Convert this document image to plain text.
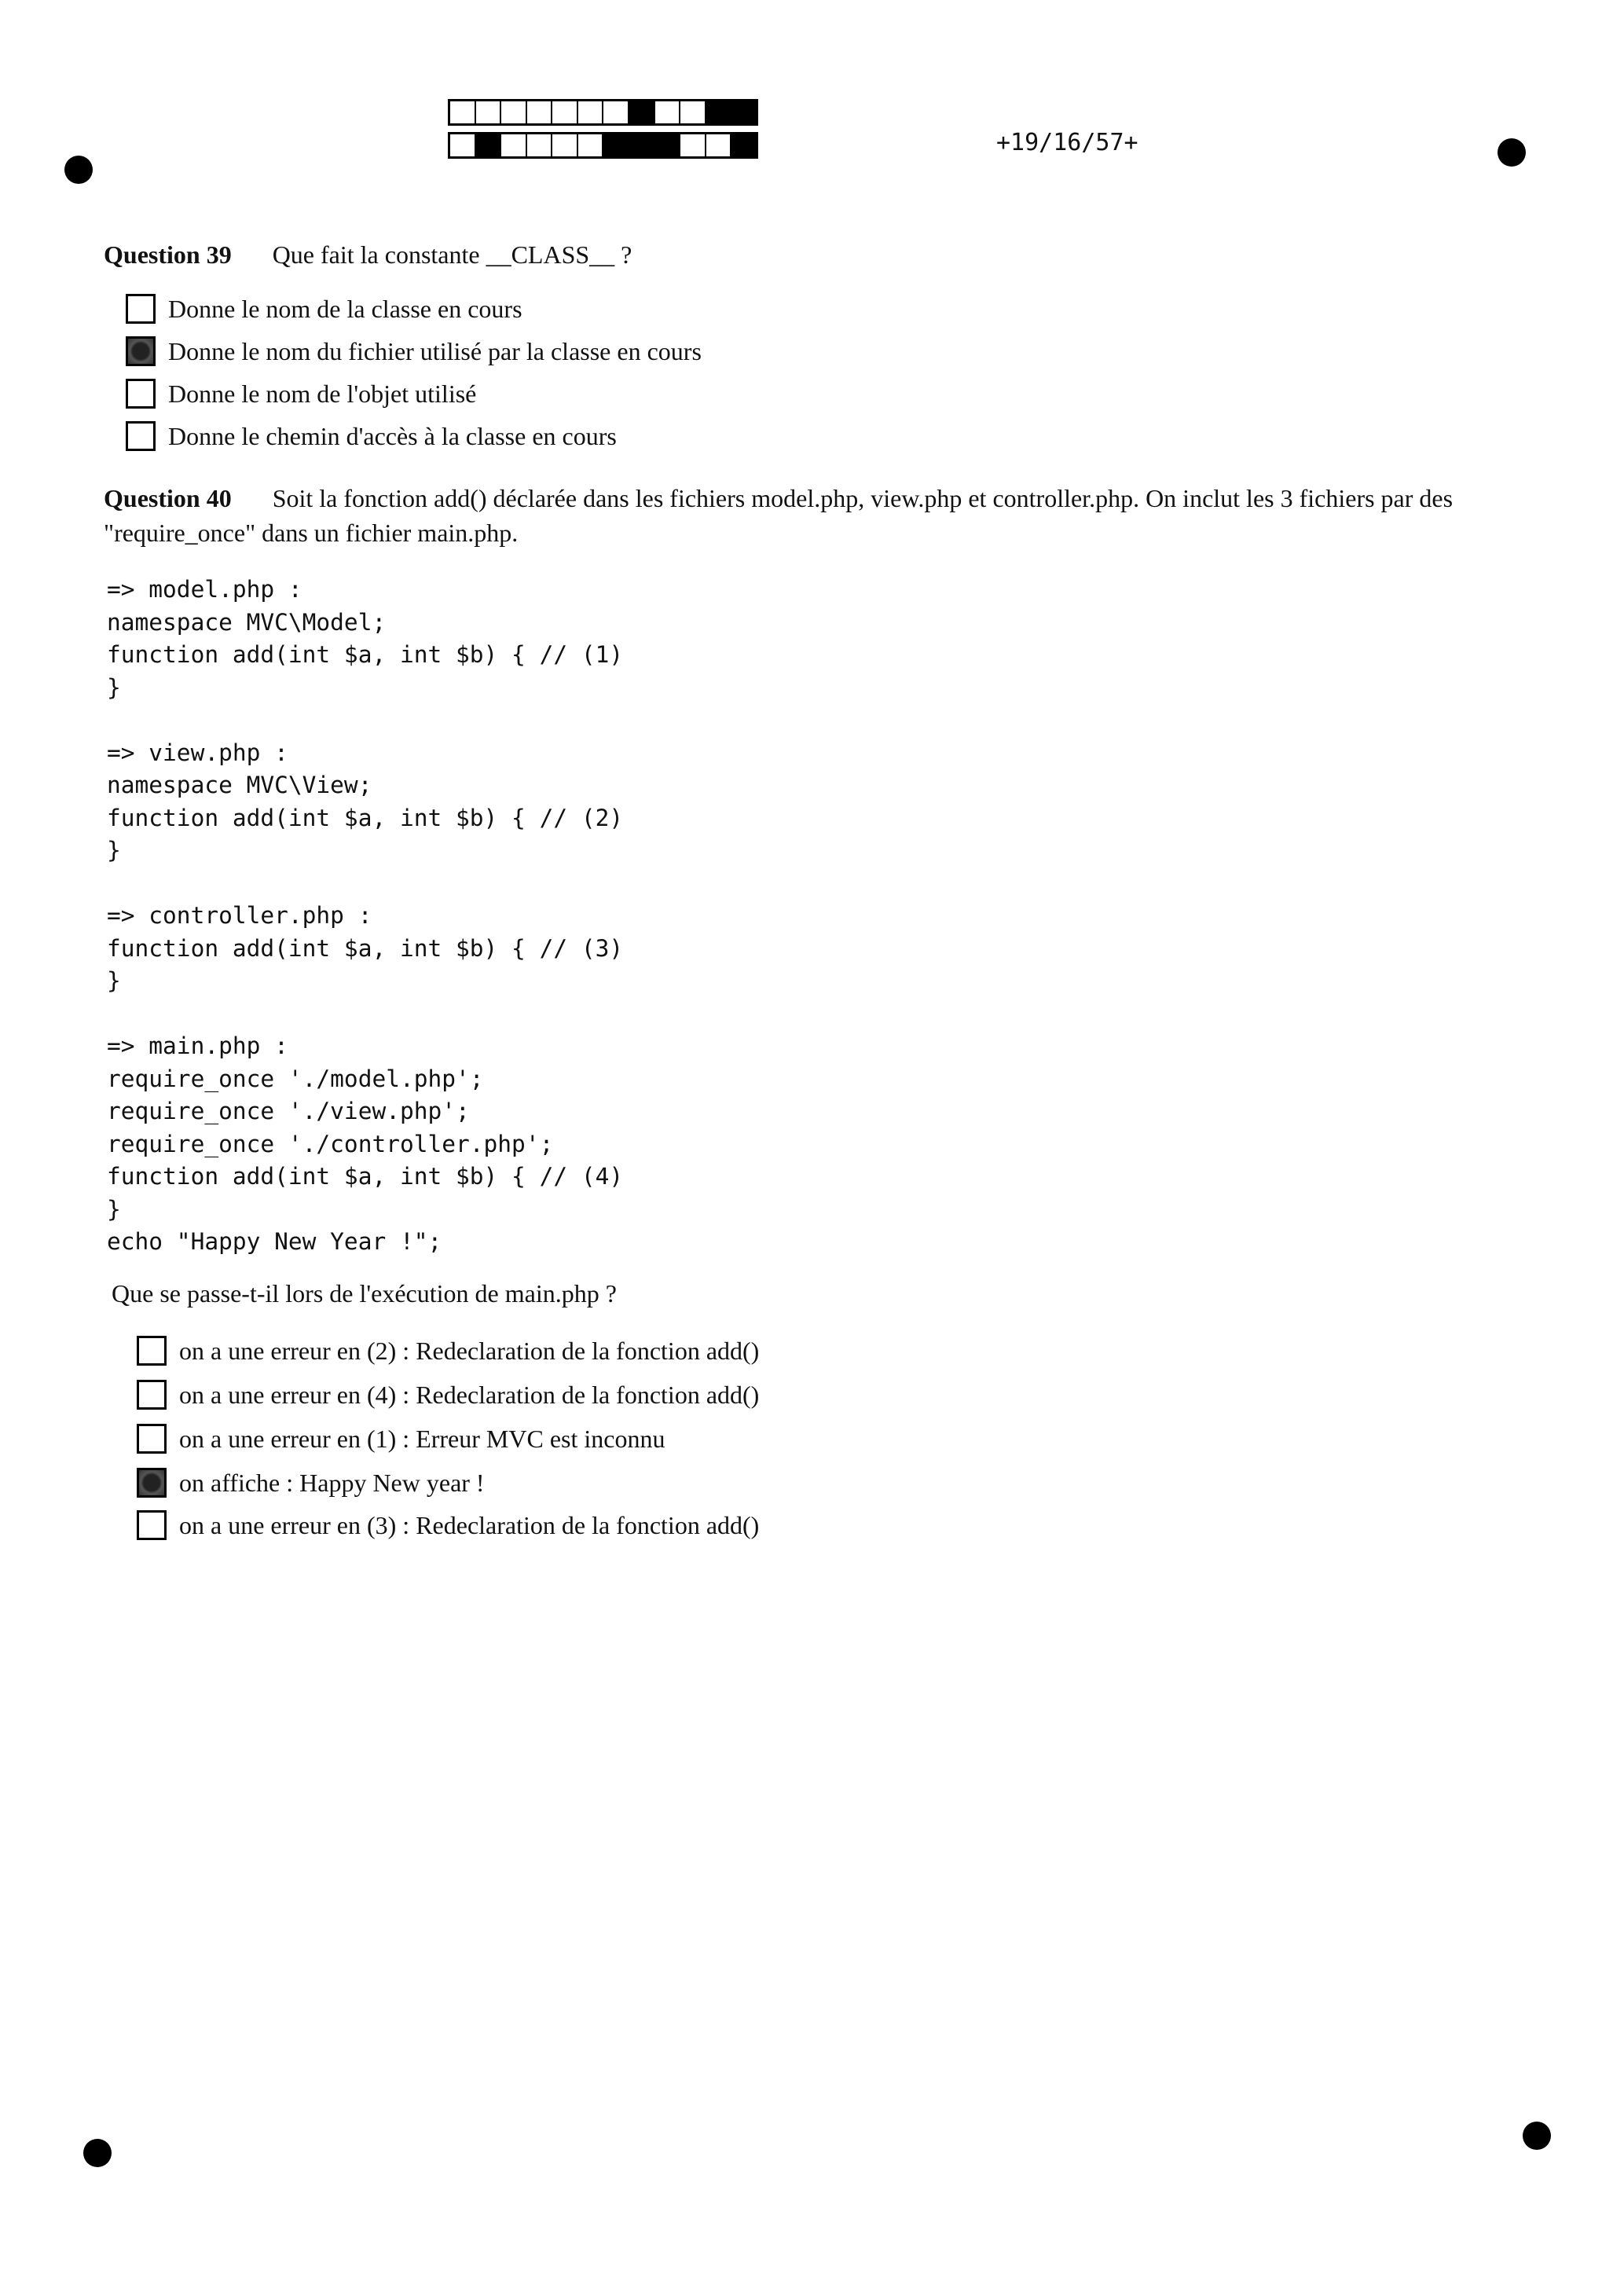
+19/16/57+
Question 39 Que fait la constante __CLASS__ ?
Donne le nom de la classe en cours
Donne le nom du fichier utilisé par la classe en cours
Donne le nom de l'objet utilisé
Donne le chemin d'accès à la classe en cours
Question 40 Soit la fonction add() déclarée dans les fichiers model.php, view.php et controller.php. On inclut les 3 fichiers par des "require_once" dans un fichier main.php.
=> model.php :
namespace MVC\Model;
function add(int $a, int $b) { // (1)
}

=> view.php :
namespace MVC\View;
function add(int $a, int $b) { // (2)
}

=> controller.php :
function add(int $a, int $b) { // (3)
}

=> main.php :
require_once './model.php';
require_once './view.php';
require_once './controller.php';
function add(int $a, int $b) { // (4)
}
echo "Happy New Year !";
Que se passe-t-il lors de l'exécution de main.php ?
on a une erreur en (2) : Redeclaration de la fonction add()
on a une erreur en (4) : Redeclaration de la fonction add()
on a une erreur en (1) : Erreur MVC est inconnu
on affiche : Happy New year !
on a une erreur en (3) : Redeclaration de la fonction add()
